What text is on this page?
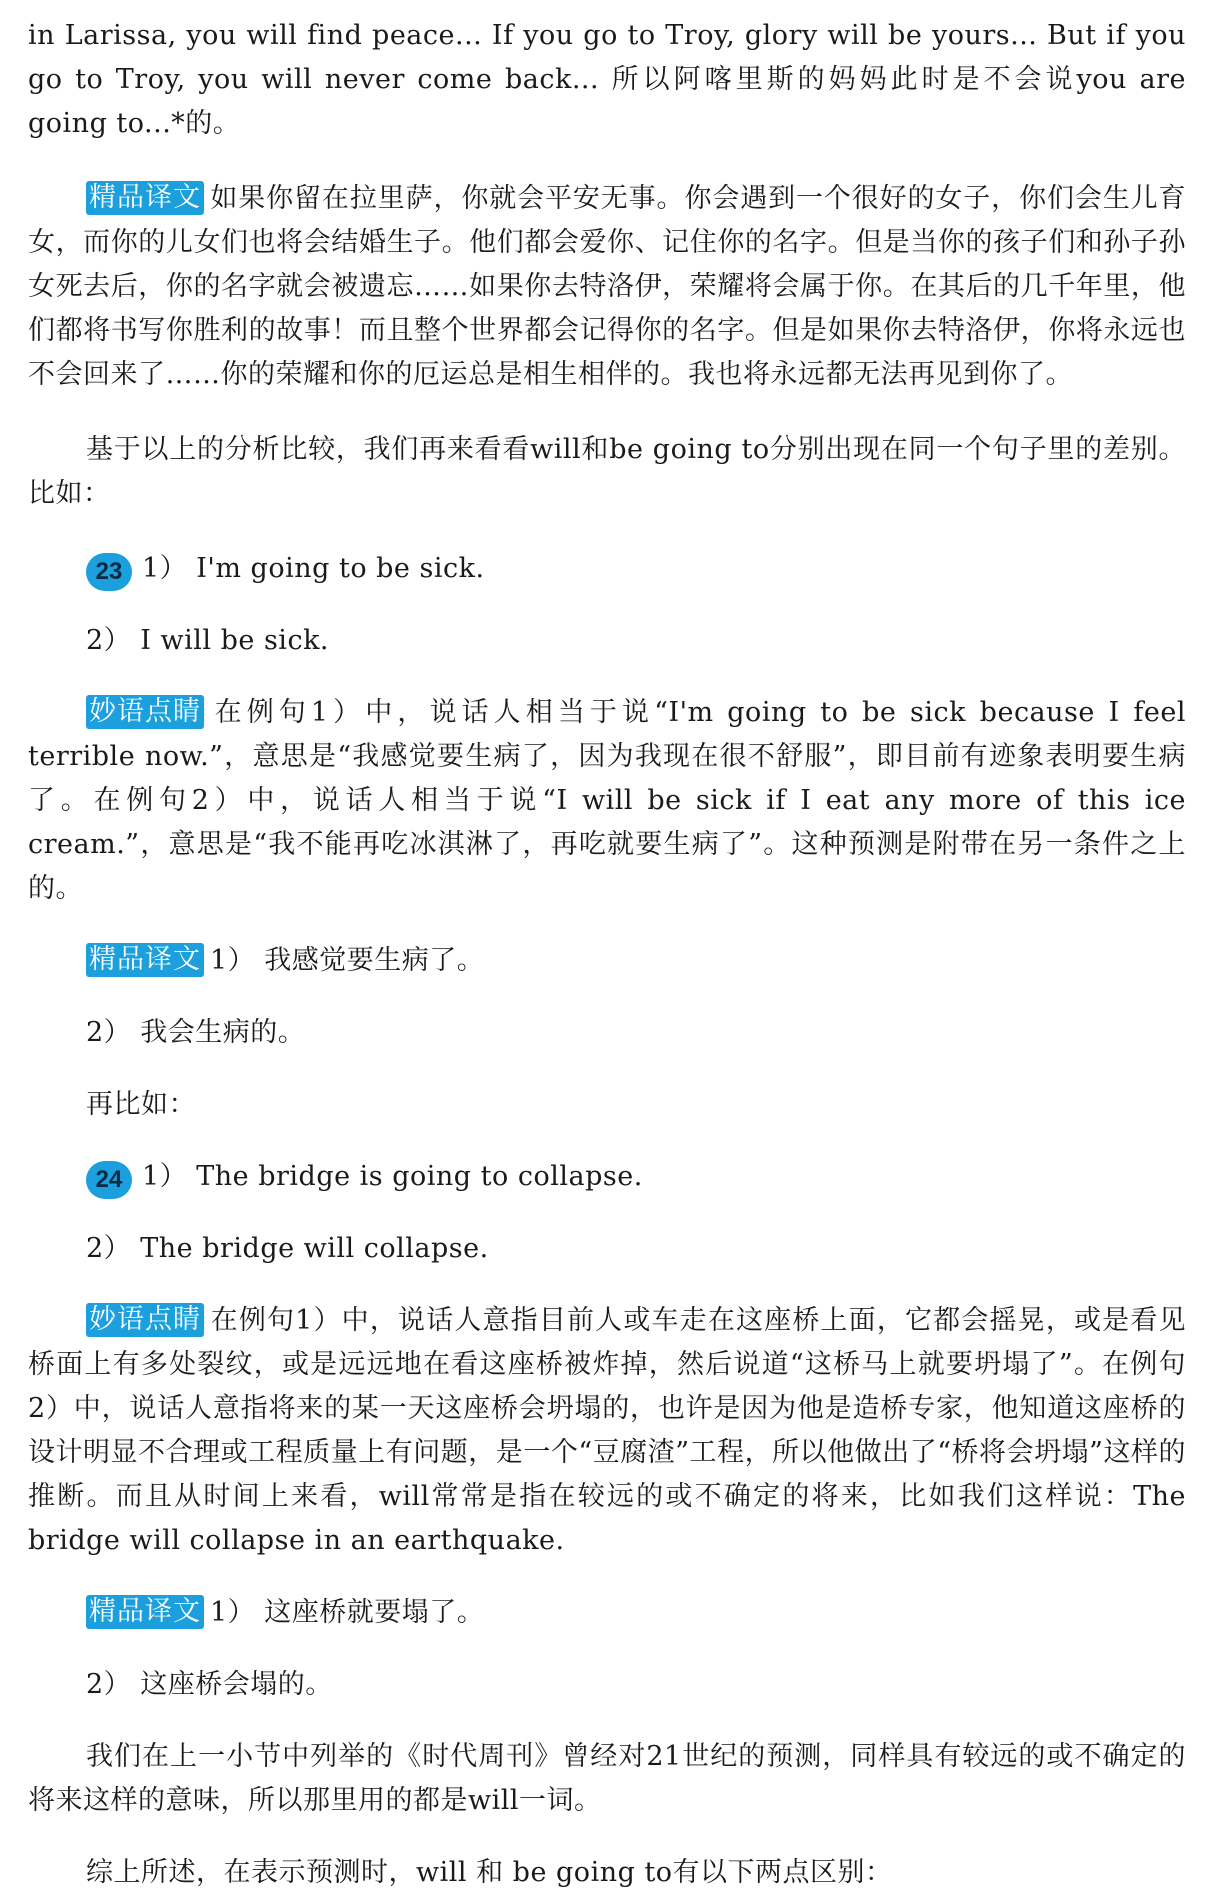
in Larissa, you will find peace... If you go to Troy, glory will be yours... But if you go to Troy, you will never come back... 所以阿喀里斯的妈妈此时是不会说you are going to...*的。

精品译文 如果你留在拉里萨，你就会平安无事。你会遇到一个很好的女子，你们会生儿育女，而你的儿女们也将会结婚生子。他们都会爱你、记住你的名字。但是当你的孩子们和孙子孙女死去后，你的名字就会被遗忘……如果你去特洛伊，荣耀将会属于你。在其后的几千年里，他们都将书写你胜利的故事！而且整个世界都会记得你的名字。但是如果你去特洛伊，你将永远也不会回来了……你的荣耀和你的厄运总是相生相伴的。我也将永远都无法再见到你了。

基于以上的分析比较，我们再来看看will和be going to分别出现在同一个句子里的差别。比如：

23 1） I'm going to be sick.

2） I will be sick.

妙语点睛 在例句1）中，说话人相当于说“I'm going to be sick because I feel terrible now.”，意思是“我感觉要生病了，因为我现在很不舒服”，即目前有迹象表明要生病了。在例句2）中，说话人相当于说“I will be sick if I eat any more of this ice cream.”，意思是“我不能再吃冰淇淋了，再吃就要生病了”。这种预测是附带在另一条件之上的。

精品译文 1） 我感觉要生病了。

2） 我会生病的。

再比如：

24 1） The bridge is going to collapse.

2） The bridge will collapse.

妙语点睛 在例句1）中，说话人意指目前人或车走在这座桥上面，它都会摇晃，或是看见桥面上有多处裂纹，或是远远地在看这座桥被炸掉，然后说道“这桥马上就要坍塌了”。在例句2）中，说话人意指将来的某一天这座桥会坍塌的，也许是因为他是造桥专家，他知道这座桥的设计明显不合理或工程质量上有问题，是一个“豆腐渣”工程，所以他做出了“桥将会坍塌”这样的推断。而且从时间上来看，will常常是指在较远的或不确定的将来，比如我们这样说：The bridge will collapse in an earthquake.

精品译文 1） 这座桥就要塌了。

2） 这座桥会塌的。

我们在上一小节中列举的《时代周刊》曾经对21世纪的预测，同样具有较远的或不确定的将来这样的意味，所以那里用的都是will一词。

综上所述，在表示预测时，will 和 be going to有以下两点区别：
